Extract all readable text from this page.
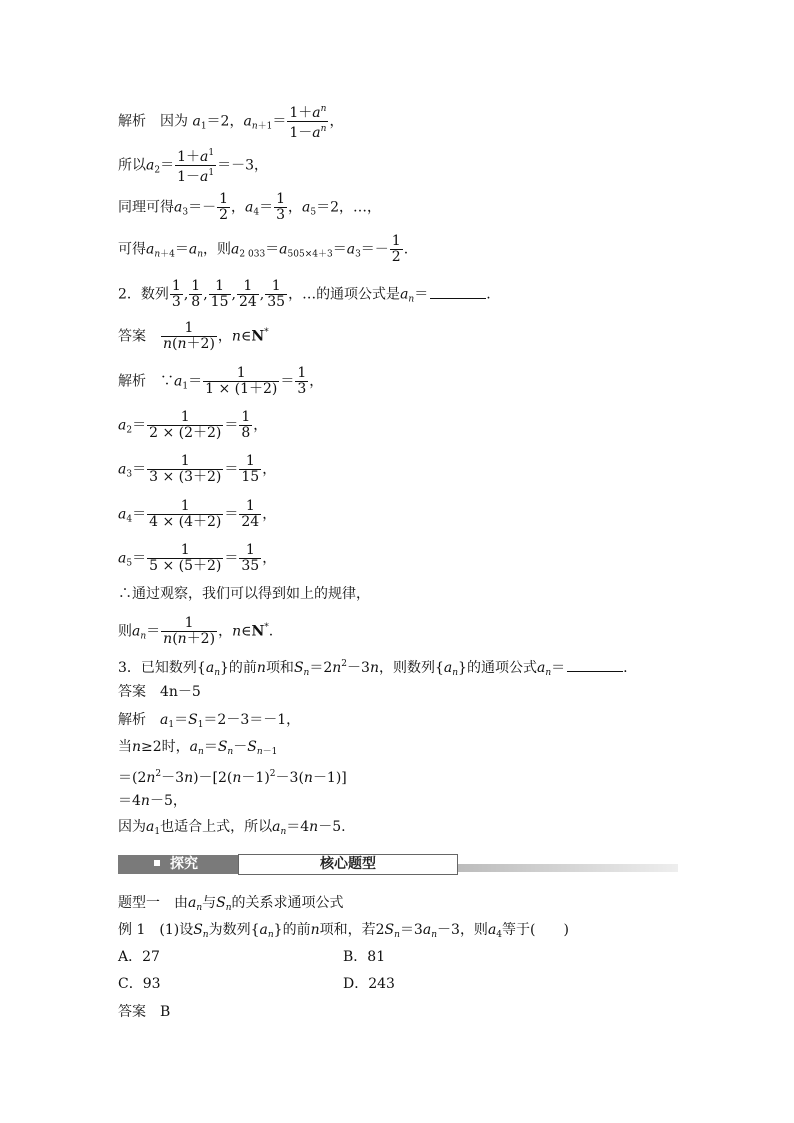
解析　 因为 $a_1=2$，$a_{n+1}= \frac{1+a^n}{1-a^n}$ ，
所以$a_2= \frac{1+a^1}{1-a^1} =-3$，
同理可得$a_3=- \frac{1}{2}$ ，$a_4= \frac{1}{3}$ ，$a_5=2$，…，
可得$a_{n+4}=a_n$，则$a_{2 033}=a_{505\times 4+3}=a_3=- \frac{1}{2}$ .
2．数列 $\frac{1}{3}$ , $\frac{1}{8}$ , $\frac{1}{15}$ , $\frac{1}{24}$ , $\frac{1}{35}$ ，…的通项公式是$a_n=$	.
答案　 $\frac{1}{n(n+2)}$ ，n∈N*
解析　$\because a_1= \frac{1}{1 \times (1+2)} = \frac{1}{3}$ ，
$a_2= \frac{1}{2 \times (2+2)} = \frac{1}{8}$ ，
$a_3= \frac{1}{3 \times (3+2)} = \frac{1}{15}$ ，
$a_4= \frac{1}{4 \times (4+2)} = \frac{1}{24}$ ，
$a_5= \frac{1}{5 \times (5+2)} = \frac{1}{35}$ ，
∴通过观察，我们可以得到如上的规律，
则$a_n= \frac{1}{n(n+2)}$ ，n∈N*.
3．已知数列$\{a_n\}$的前n项和$S_n=2n^2-3n$，则数列$\{a_n\}$的通项公式$a_n=$	.
答案　 4n－5
解析　 $a_1=S_1=2-3=-1$，
当n≥2时，$a_n=S_n-S_{n-1}$
$=(2n^2-3n)-[2(n-1)^2-3(n-1)]$
＝4n－5，
因为$a_1$也适合上式，所以$a_n=4n-5$.
探究	核心题型
题型一　由$a_n$与$S_n$的关系求通项公式
例 1　(1)设$S_n$为数列$\{a_n\}$的前n项和，若$2S_n=3a_n-3$，则$a_4$等于(　　)
A．27	B．81
C．93	D．243
答案　 B
